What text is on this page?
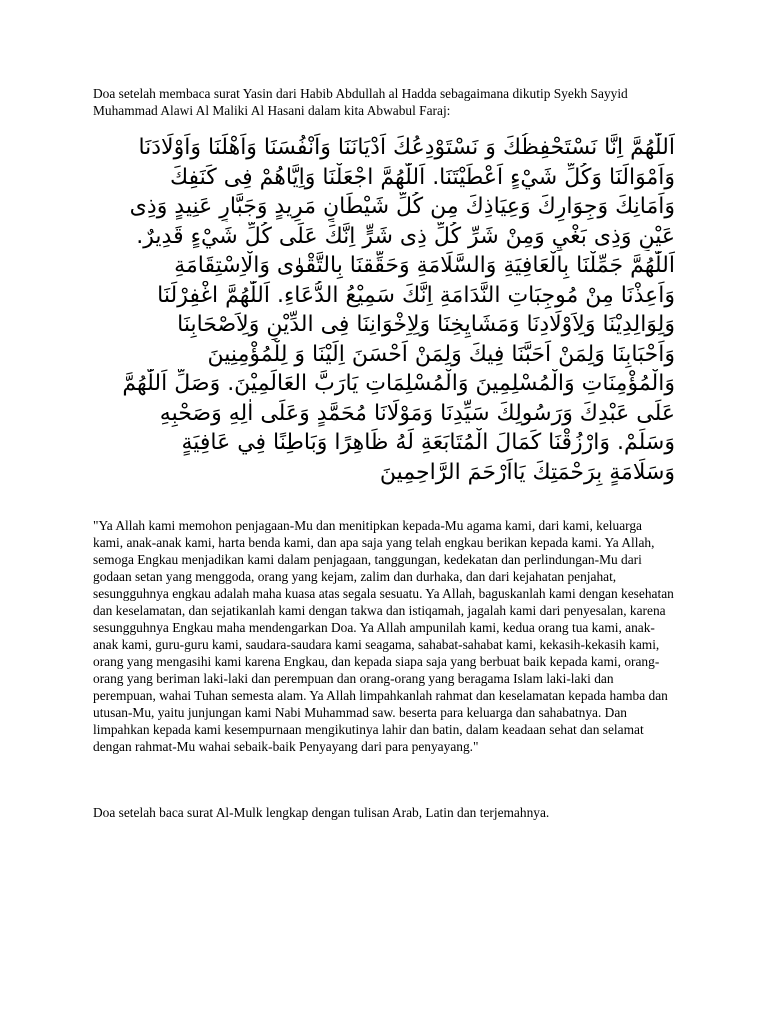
Doa setelah membaca surat Yasin dari Habib Abdullah al Hadda sebagaimana dikutip Syekh Sayyid Muhammad Alawi Al Maliki Al Hasani dalam kita Abwabul Faraj:

اَللّٰهُمَّ اِنَّا نَسْتَحْفِظُكَ وَ نَسْتَوْدِعُكَ اَدْيَانَنَا وَاَنْفُسَنَا وَاَهْلَنَا وَاَوْلَادَنَا

وَاَمْوَالَنَا وَكُلِّ شَيْءٍ اَعْطَيْتَنَا. اَللّٰهُمَّ اجْعَلْنَا وَاِيَّاهُمْ فِى كَنَفِكَ

وَاَمَانِكَ وَجِوَارِكَ وَعِيَاذِكَ مِن كُلِّ شَيْطَانٍ مَرِيدٍ وَجَبَّارٍ عَنِيدٍ وَذِى

عَيْنٍ وَذِى بَغْيٍ وَمِنْ شَرِّ كُلِّ ذِى شَرٍّ اِنَّكَ عَلَى كُلِّ شَيْءٍ قَدِيرٌ.

اَللّٰهُمَّ جَمِّلْنَا بِالْعَافِيَةِ وَالسَّلَامَةِ وَحَقِّقنَا بِالتَّقْوٰى وَالْاِسْتِقَامَةِ

وَاَعِذْنَا مِنْ مُوجِبَاتِ النَّدَامَةِ اِنَّكَ سَمِيْعُ الدُّعَاءِ. اَللّٰهُمَّ اغْفِرْلَنَا

وَلِوَالِدِيْنَا وَلِاَوْلَادِنَا وَمَشَايِخِنَا وَلِاِخْوَانِنَا فِى الدِّيْنِ وَلِاَصْحَابِنَا

وَاَحْبَابِنَا وَلِمَنْ اَحَبَّنَا فِيكَ وَلِمَنْ اَحْسَنَ اِلَيْنَا وَ لِلْمُؤْمِنِينَ

وَالْمُؤْمِنَاتِ وَالْمُسْلِمِينَ وَالْمُسْلِمَاتِ يَارَبَّ العَالَمِيْنَ. وَصَلِّ اَللّٰهُمَّ

عَلَى عَبْدِكَ وَرَسُولِكَ سَيِّدِنَا وَمَوْلَانَا مُحَمَّدٍ وَعَلَى اٰلِهِ وَصَحْبِهِ

وَسَلِّمْ. وَارْزُقْنَا كَمَالَ الْمُتَابَعَةِ لَهُ ظَاهِرًا وَبَاطِنًا فِي عَافِيَةٍ

وَسَلَامَةٍ بِرَحْمَتِكَ يَااَرْحَمَ الرَّاحِمِينَ

"Ya Allah kami memohon penjagaan-Mu dan menitipkan kepada-Mu agama kami, dari kami, keluarga kami, anak-anak kami, harta benda kami, dan apa saja yang telah engkau berikan kepada kami. Ya Allah, semoga Engkau menjadikan kami dalam penjagaan, tanggungan, kedekatan dan perlindungan-Mu dari godaan setan yang menggoda, orang yang kejam, zalim dan durhaka, dan dari kejahatan penjahat, sesungguhnya engkau adalah maha kuasa atas segala sesuatu. Ya Allah, baguskanlah kami dengan kesehatan dan keselamatan, dan sejatikanlah kami dengan takwa dan istiqamah, jagalah kami dari penyesalan, karena sesungguhnya Engkau maha mendengarkan Doa. Ya Allah ampunilah kami, kedua orang tua kami, anak-anak kami, guru-guru kami, saudara-saudara kami seagama, sahabat-sahabat kami, kekasih-kekasih kami, orang yang mengasihi kami karena Engkau, dan kepada siapa saja yang berbuat baik kepada kami, orang-orang yang beriman laki-laki dan perempuan dan orang-orang yang beragama Islam laki-laki dan perempuan, wahai Tuhan semesta alam. Ya Allah limpahkanlah rahmat dan keselamatan kepada hamba dan utusan-Mu, yaitu junjungan kami Nabi Muhammad saw. beserta para keluarga dan sahabatnya. Dan limpahkan kepada kami kesempurnaan mengikutinya lahir dan batin, dalam keadaan sehat dan selamat dengan rahmat-Mu wahai sebaik-baik Penyayang dari para penyayang."

Doa setelah baca surat Al-Mulk lengkap dengan tulisan Arab, Latin dan terjemahnya.
